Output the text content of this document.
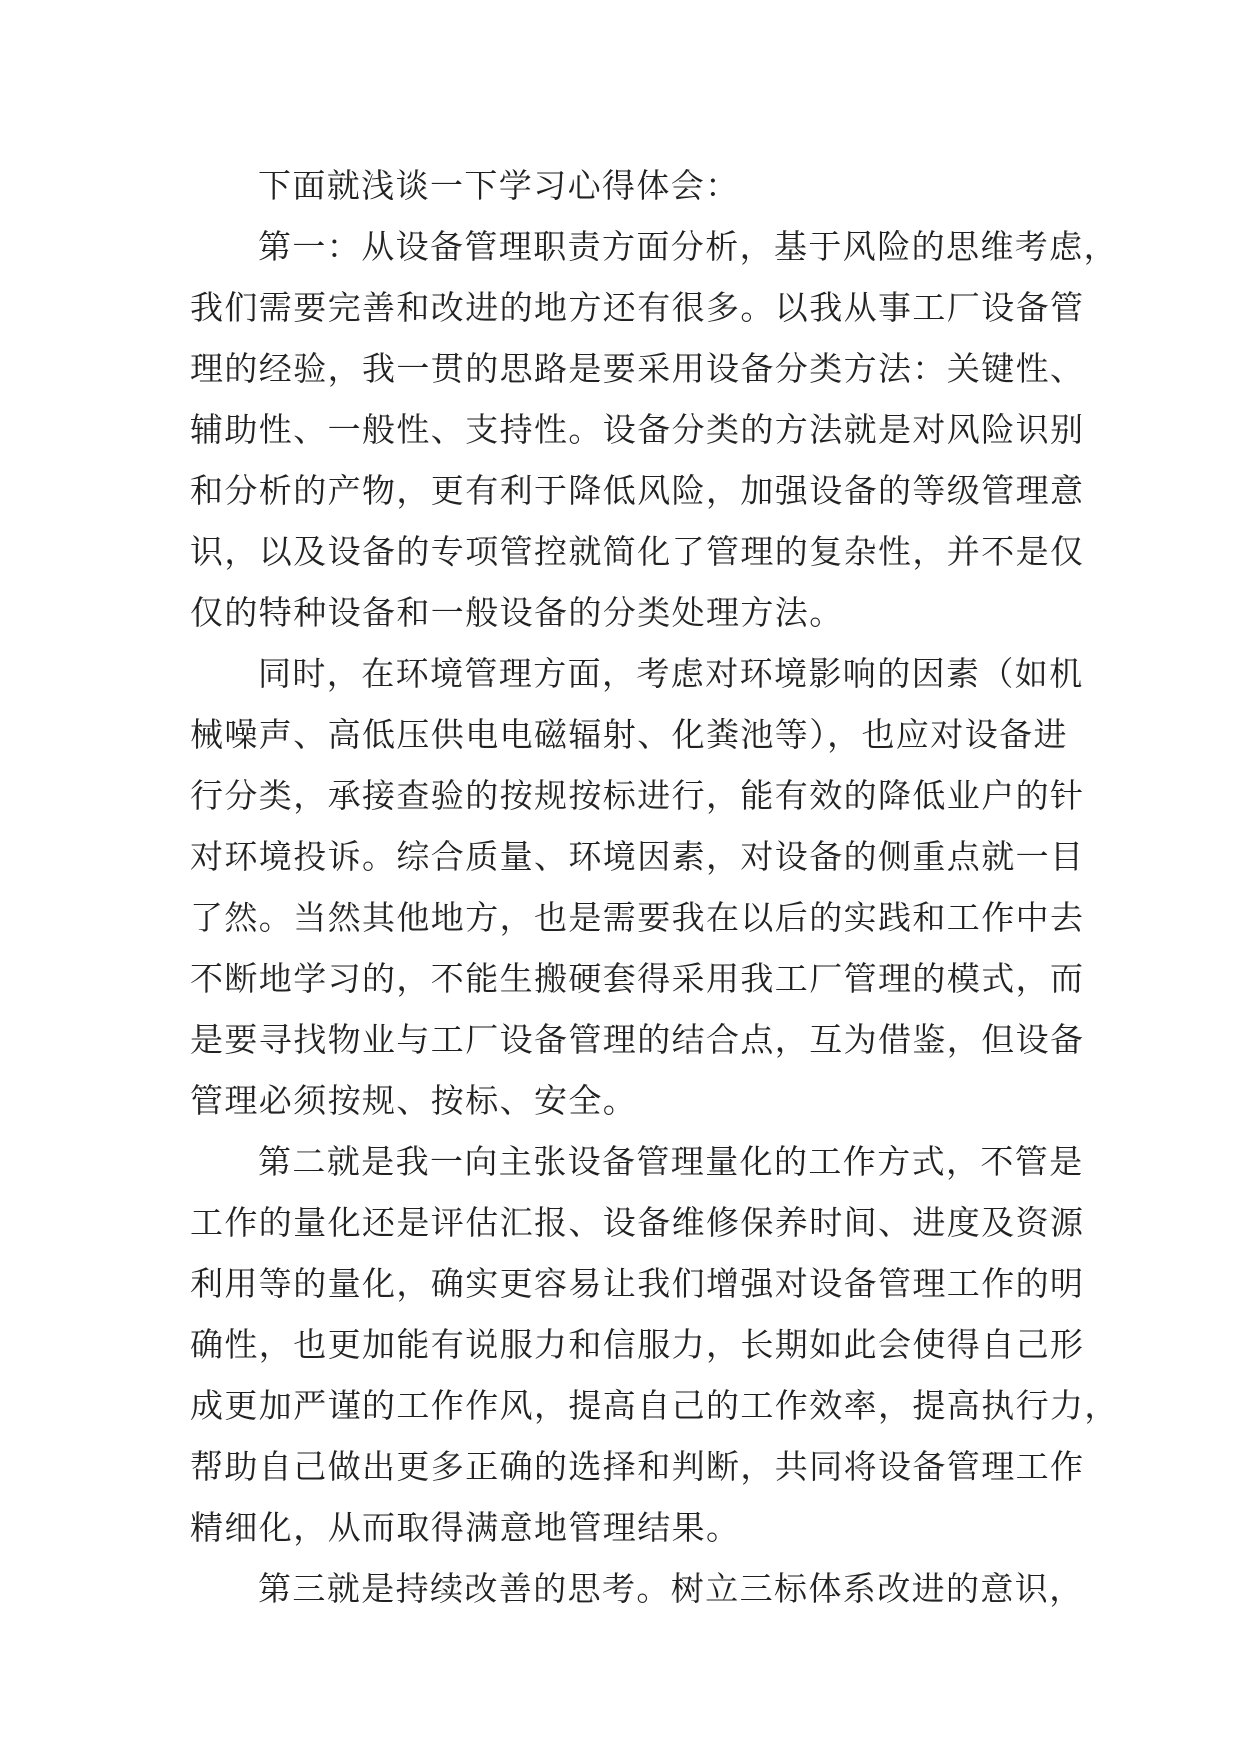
下面就浅谈一下学习心得体会：
第一：从设备管理职责方面分析，基于风险的思维考虑，
我们需要完善和改进的地方还有很多。以我从事工厂设备管
理的经验，我一贯的思路是要采用设备分类方法：关键性、
辅助性、一般性、支持性。设备分类的方法就是对风险识别
和分析的产物，更有利于降低风险，加强设备的等级管理意
识，以及设备的专项管控就简化了管理的复杂性，并不是仅
仅的特种设备和一般设备的分类处理方法。
同时，在环境管理方面，考虑对环境影响的因素（如机
械噪声、高低压供电电磁辐射、化粪池等），也应对设备进
行分类，承接查验的按规按标进行，能有效的降低业户的针
对环境投诉。综合质量、环境因素，对设备的侧重点就一目
了然。当然其他地方，也是需要我在以后的实践和工作中去
不断地学习的，不能生搬硬套得采用我工厂管理的模式，而
是要寻找物业与工厂设备管理的结合点，互为借鉴，但设备
管理必须按规、按标、安全。
第二就是我一向主张设备管理量化的工作方式，不管是
工作的量化还是评估汇报、设备维修保养时间、进度及资源
利用等的量化，确实更容易让我们增强对设备管理工作的明
确性，也更加能有说服力和信服力，长期如此会使得自己形
成更加严谨的工作作风，提高自己的工作效率，提高执行力，
帮助自己做出更多正确的选择和判断，共同将设备管理工作
精细化，从而取得满意地管理结果。
第三就是持续改善的思考。树立三标体系改进的意识，
